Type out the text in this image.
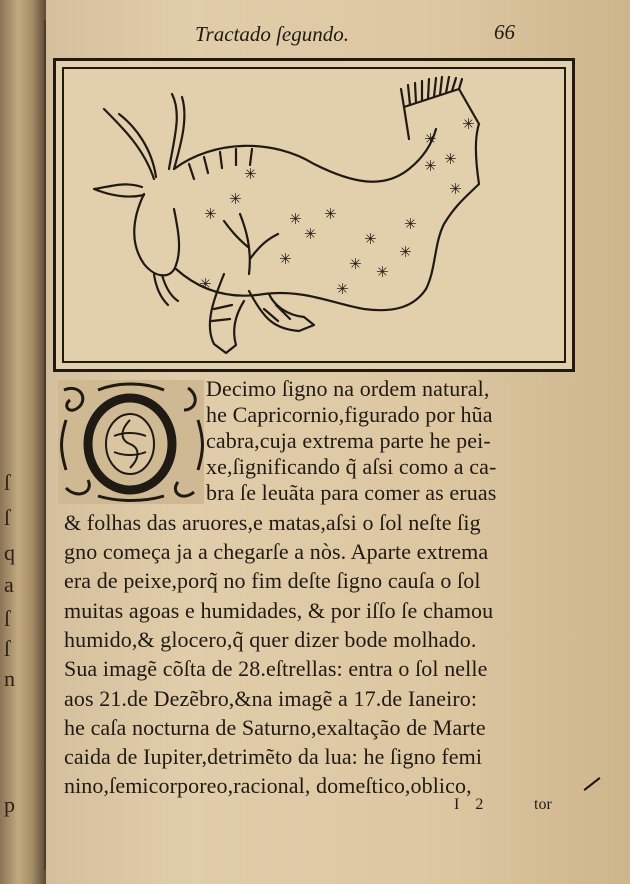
ſ
ſ
q
a
ſ
ſ
n
p
Tractado ſegundo.	66
✳
✳
✳
✳
✳
✳
✳
✳ ✳
✳
✳
✳
✳
✳
✳
✳
✳
✳
✳
Decimo ſigno na ordem natural,
he Capricornio,figurado por hũa
cabra,cuja extrema parte he pei-
xe,ſignificando q̃ aſsi como a ca-
bra ſe leuãta para comer as eruas
& folhas das aruores,e matas,aſsi o ſol neſte ſig
gno começa ja a chegarſe a nòs. Aparte extrema
era de peixe,porq̃ no fim deſte ſigno cauſa o ſol
muitas agoas e humidades, & por iſſo ſe chamou
humido,& glocero,q̃ quer dizer bode molhado.
Sua imagẽ cõſta de 28.eſtrellas: entra o ſol nelle
aos 21.de Dezẽbro,&na imagẽ a 17.de Ianeiro:
he caſa nocturna de Saturno,exaltação de Marte
caida de Iupiter,detrimẽto da lua: he ſigno femi
nino,ſemicorporeo,racional, domeſtico,oblico,
I 2	tor
